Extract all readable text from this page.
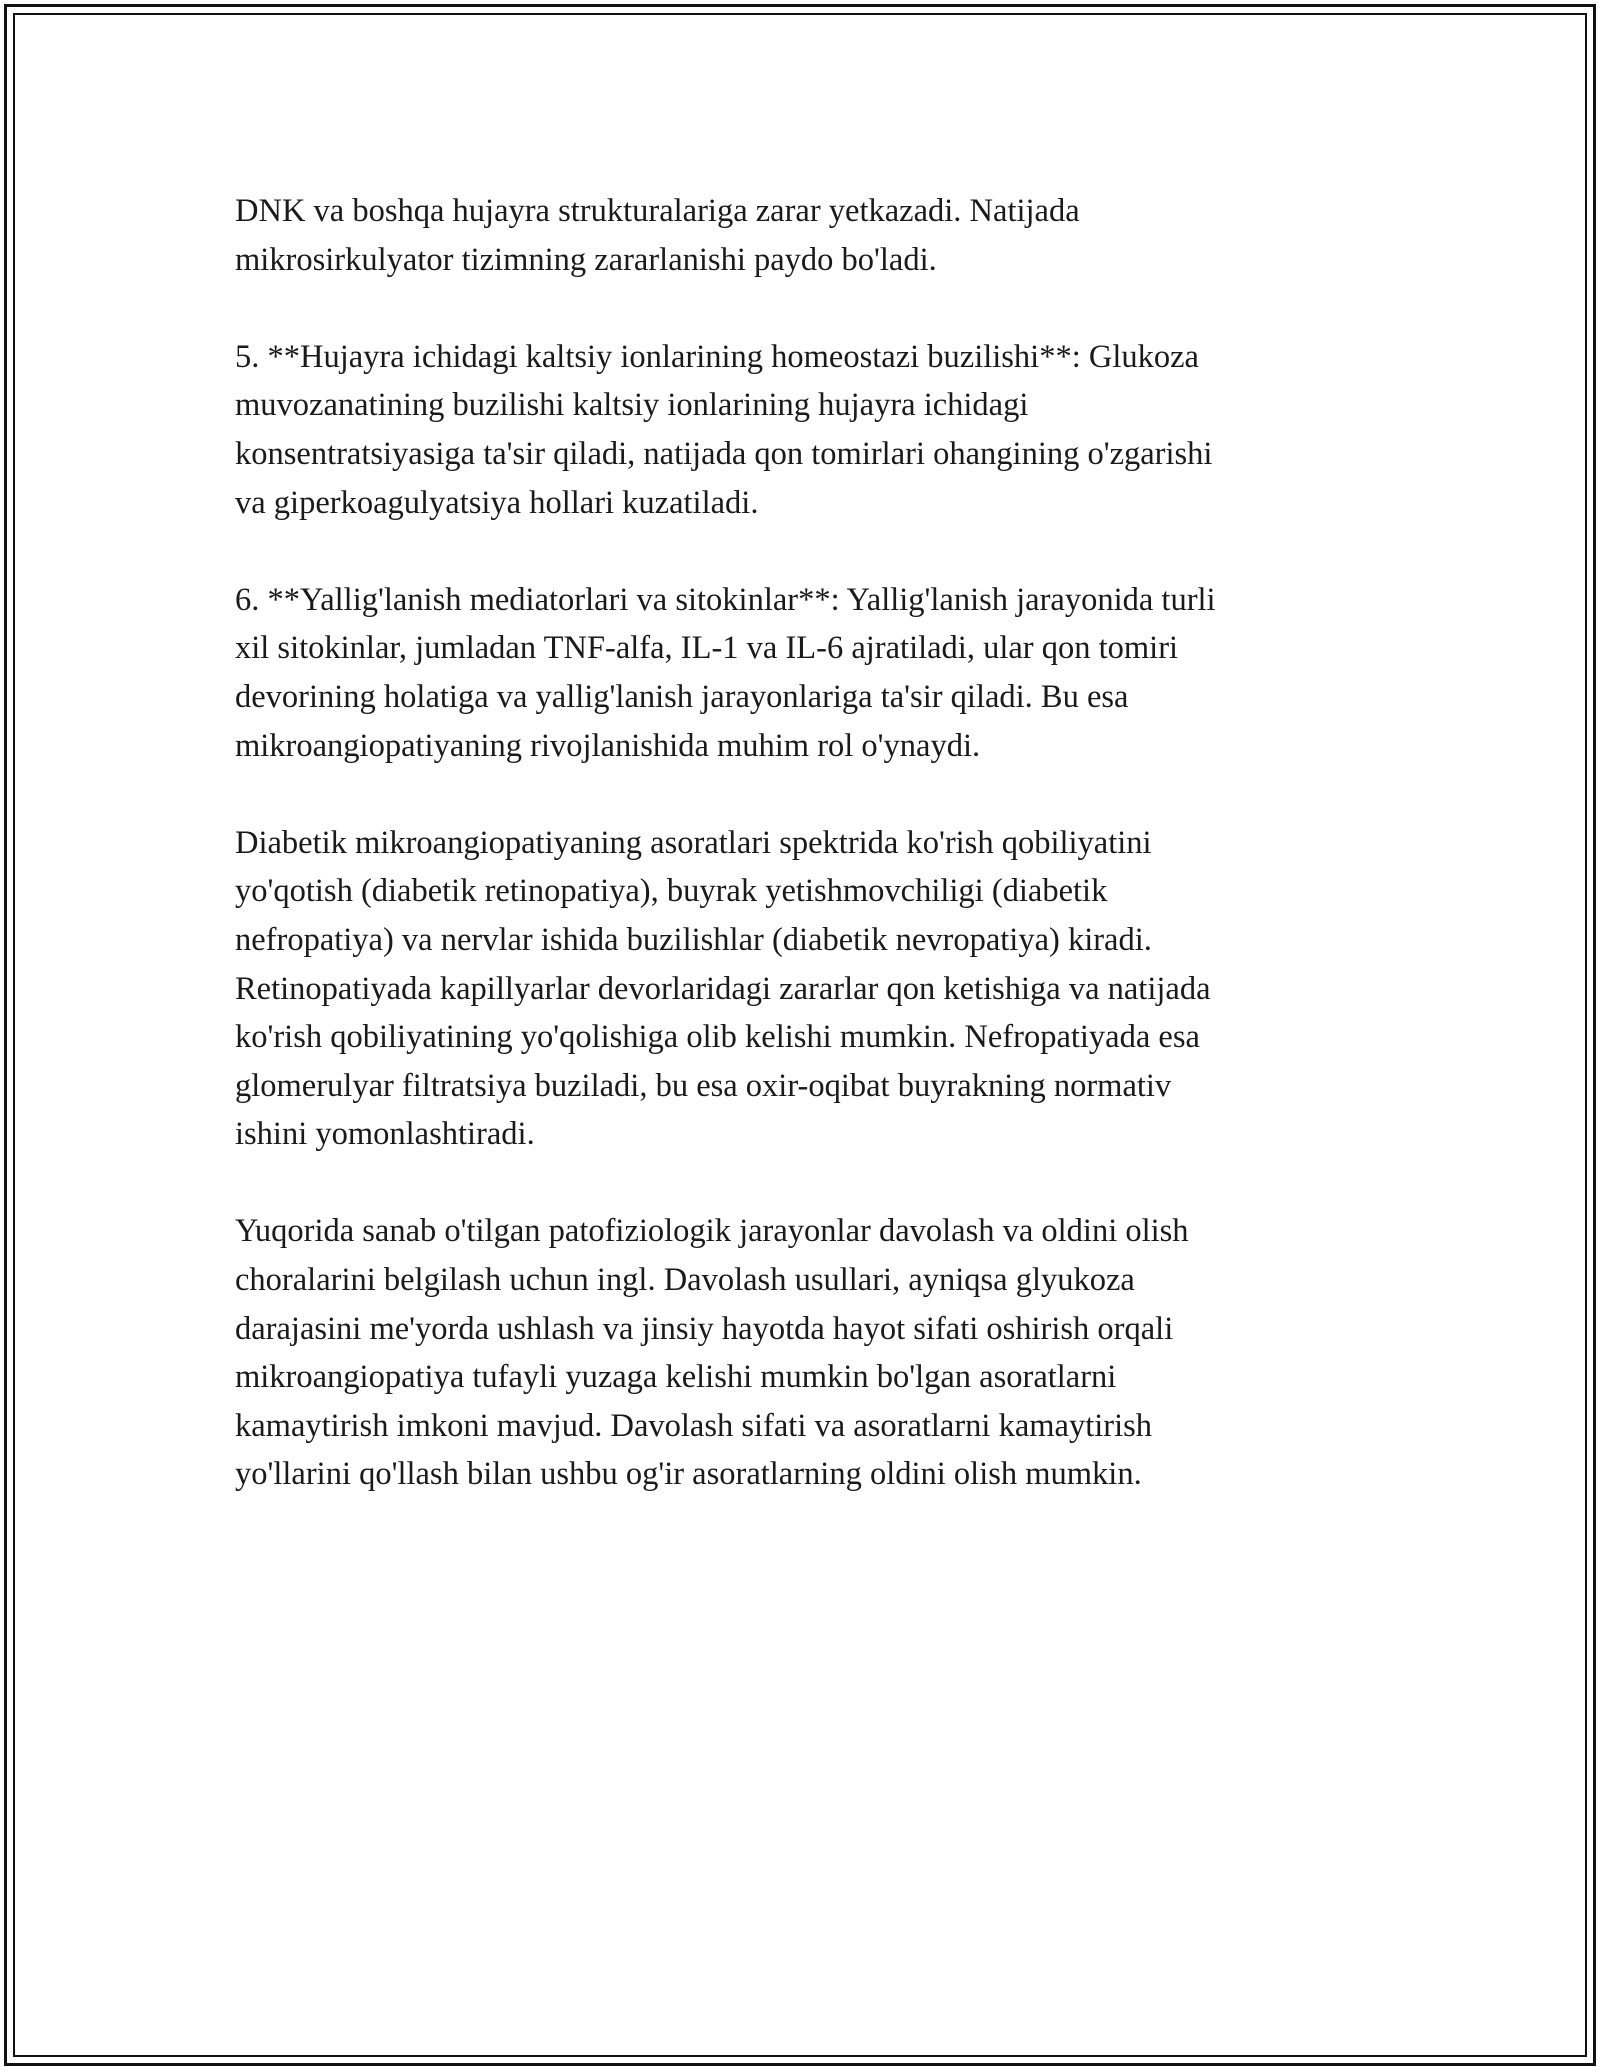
DNK va boshqa hujayra strukturalariga zarar yetkazadi. Natijada
mikrosirkulyator tizimning zararlanishi paydo bo'ladi.
5. **Hujayra ichidagi kaltsiy ionlarining homeostazi buzilishi**: Glukoza
muvozanatining buzilishi kaltsiy ionlarining hujayra ichidagi
konsentratsiyasiga ta'sir qiladi, natijada qon tomirlari ohangining o'zgarishi
va giperkoagulyatsiya hollari kuzatiladi.
6. **Yallig'lanish mediatorlari va sitokinlar**: Yallig'lanish jarayonida turli
xil sitokinlar, jumladan TNF-alfa, IL-1 va IL-6 ajratiladi, ular qon tomiri
devorining holatiga va yallig'lanish jarayonlariga ta'sir qiladi. Bu esa
mikroangiopatiyaning rivojlanishida muhim rol o'ynaydi.
Diabetik mikroangiopatiyaning asoratlari spektrida ko'rish qobiliyatini
yo'qotish (diabetik retinopatiya), buyrak yetishmovchiligi (diabetik
nefropatiya) va nervlar ishida buzilishlar (diabetik nevropatiya) kiradi.
Retinopatiyada kapillyarlar devorlaridagi zararlar qon ketishiga va natijada
ko'rish qobiliyatining yo'qolishiga olib kelishi mumkin. Nefropatiyada esa
glomerulyar filtratsiya buziladi, bu esa oxir-oqibat buyrakning normativ
ishini yomonlashtiradi.
Yuqorida sanab o'tilgan patofiziologik jarayonlar davolash va oldini olish
choralarini belgilash uchun ingl. Davolash usullari, ayniqsa glyukoza
darajasini me'yorda ushlash va jinsiy hayotda hayot sifati oshirish orqali
mikroangiopatiya tufayli yuzaga kelishi mumkin bo'lgan asoratlarni
kamaytirish imkoni mavjud. Davolash sifati va asoratlarni kamaytirish
yo'llarini qo'llash bilan ushbu og'ir asoratlarning oldini olish mumkin.
